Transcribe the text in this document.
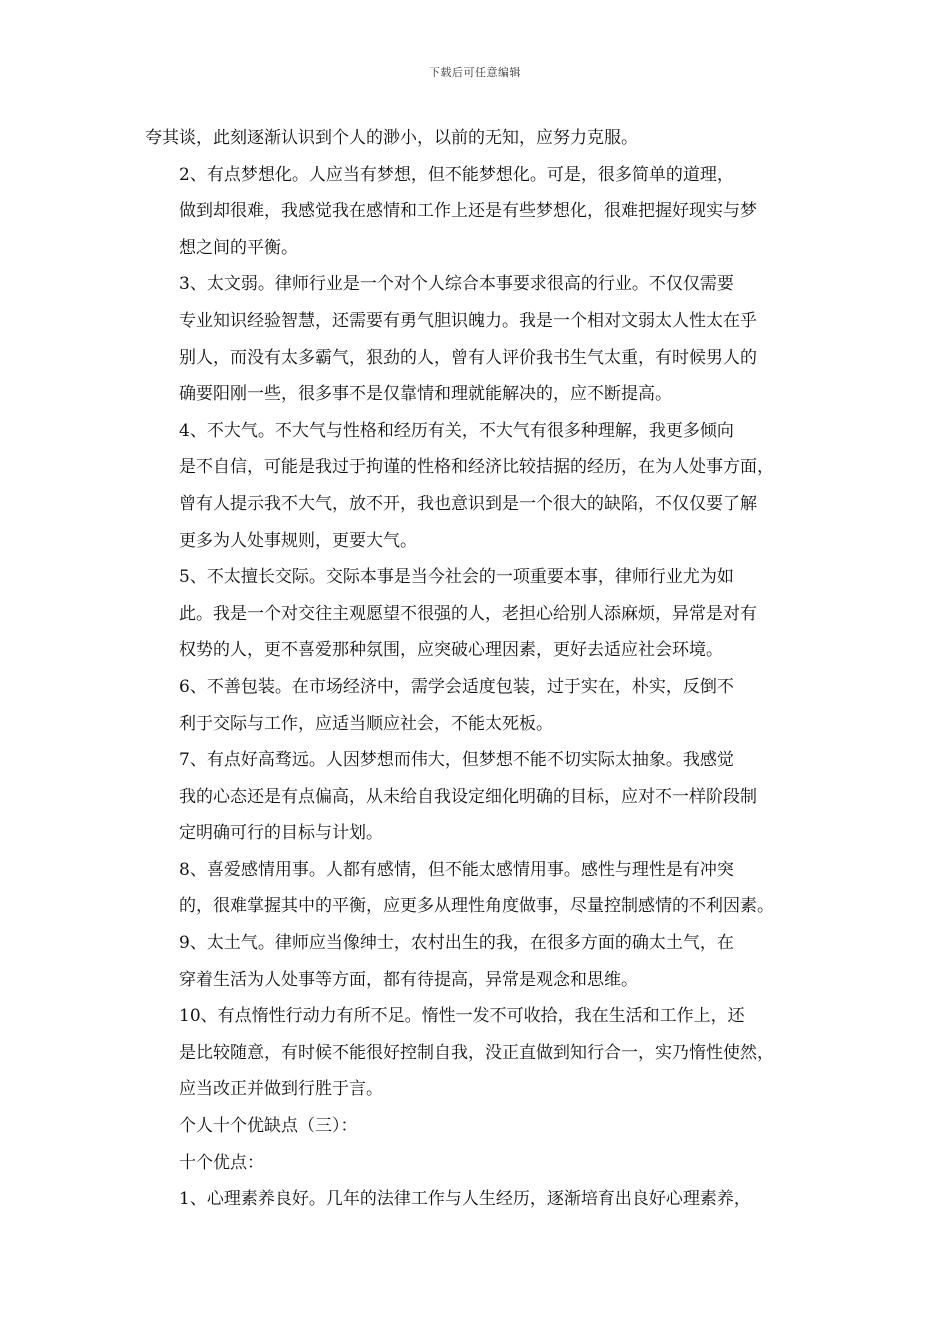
下载后可任意编辑

夸其谈，此刻逐渐认识到个人的渺小，以前的无知，应努力克服。

2、有点梦想化。人应当有梦想，但不能梦想化。可是，很多简单的道理，
做到却很难，我感觉我在感情和工作上还是有些梦想化，很难把握好现实与梦
想之间的平衡。

3、太文弱。律师行业是一个对个人综合本事要求很高的行业。不仅仅需要
专业知识经验智慧，还需要有勇气胆识魄力。我是一个相对文弱太人性太在乎
别人，而没有太多霸气，狠劲的人，曾有人评价我书生气太重，有时候男人的
确要阳刚一些，很多事不是仅靠情和理就能解决的，应不断提高。

4、不大气。不大气与性格和经历有关，不大气有很多种理解，我更多倾向
是不自信，可能是我过于拘谨的性格和经济比较拮据的经历，在为人处事方面，
曾有人提示我不大气，放不开，我也意识到是一个很大的缺陷，不仅仅要了解
更多为人处事规则，更要大气。

5、不太擅长交际。交际本事是当今社会的一项重要本事，律师行业尤为如
此。我是一个对交往主观愿望不很强的人，老担心给别人添麻烦，异常是对有
权势的人，更不喜爱那种氛围，应突破心理因素，更好去适应社会环境。

6、不善包装。在市场经济中，需学会适度包装，过于实在，朴实，反倒不
利于交际与工作，应适当顺应社会，不能太死板。

7、有点好高骛远。人因梦想而伟大，但梦想不能不切实际太抽象。我感觉
我的心态还是有点偏高，从未给自我设定细化明确的目标，应对不一样阶段制
定明确可行的目标与计划。

8、喜爱感情用事。人都有感情，但不能太感情用事。感性与理性是有冲突
的，很难掌握其中的平衡，应更多从理性角度做事，尽量控制感情的不利因素。

9、太土气。律师应当像绅士，农村出生的我，在很多方面的确太土气，在
穿着生活为人处事等方面，都有待提高，异常是观念和思维。

10、有点惰性行动力有所不足。惰性一发不可收拾，我在生活和工作上，还
是比较随意，有时候不能很好控制自我，没正直做到知行合一，实乃惰性使然，
应当改正并做到行胜于言。

个人十个优缺点（三）：

十个优点：

1、心理素养良好。几年的法律工作与人生经历，逐渐培育出良好心理素养，
